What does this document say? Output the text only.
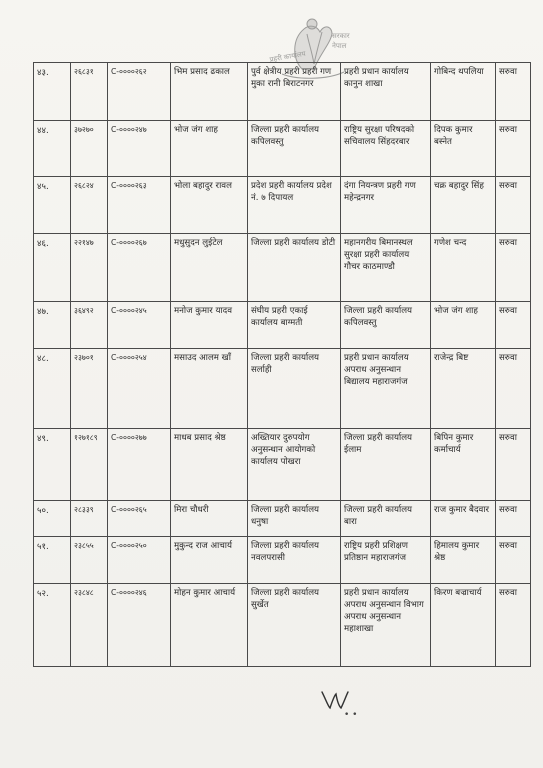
सरकार
नेपाल
प्रहरी कार्यालय
४३.	२६८३१	C-००००२६२	भिम प्रसाद ढकाल	पुर्व क्षेत्रीय प्रहरी प्रहरी गण मुका रानी बिराटनगर	प्रहरी प्रधान कार्यालय कानुन शाखा	गोबिन्द थपलिया	सरुवा

४४.	३७२७०	C-००००२४७	भोज जंग शाह	जिल्ला प्रहरी कार्यालय कपिलवस्तु	राष्ट्रिय सुरक्षा परिषदको सचिवालय सिंहदरबार	दिपक कुमार बस्नेत	सरुवा

४५.	२६८२४	C-००००२६३	भोला बहादुर रावल	प्रदेश प्रहरी कार्यालय प्रदेश नं. ७ दिपायल	दंगा नियन्त्रण प्रहरी गण महेन्द्रनगर	चक्र बहादुर सिंह	सरुवा

४६.	२२१४७	C-००००२६७	मधुसुदन लुईटेल	जिल्ला प्रहरी कार्यालय डोटी	महानगरीय बिमानस्थल सुरक्षा प्रहरी कार्यालय गौचर काठमाण्डौ	गणेश चन्द	सरुवा

४७.	३६४९२	C-००००२४५	मनोज कुमार यादव	संघीय प्रहरी एकाई कार्यालय बाग्मती	जिल्ला प्रहरी कार्यालय कपिलवस्तु	भोज जंग शाह	सरुवा

४८.	२३७०१	C-००००२५४	मसाउद आलम खाँ	जिल्ला प्रहरी कार्यालय सर्लाही	प्रहरी प्रधान कार्यालय अपराध अनुसन्धान बिद्यालय महाराजगंज	राजेन्द्र बिष्ट	सरुवा

४९.	१२७१८९	C-००००२७७	माधब प्रसाद श्रेष्ठ	अख्तियार दुरुपयोग अनुसन्धान आयोगको कार्यालय पोखरा	जिल्ला प्रहरी कार्यालय ईलाम	बिपिन कुमार कर्माचार्य	सरुवा

५०.	२८३३९	C-००००२६५	मिरा चौधरी	जिल्ला प्रहरी कार्यालय धनुषा	जिल्ला प्रहरी कार्यालय बारा	राज कुमार बैदवार	सरुवा

५१.	२३८५५	C-००००२५०	मुकुन्द राज आचार्य	जिल्ला प्रहरी कार्यालय नवलपरासी	राष्ट्रिय प्रहरी प्रशिक्षण प्रतिष्ठान महाराजगंज	हिमालय कुमार श्रेष्ठ	सरुवा

५२.	२३८४८	C-००००२४६	मोहन कुमार आचार्य	जिल्ला प्रहरी कार्यालय सुर्खेत	प्रहरी प्रधान कार्यालय अपराध अनुसन्धान विभाग अपराध अनुसन्धान महाशाखा	किरण बज्राचार्य	सरुवा
• •
